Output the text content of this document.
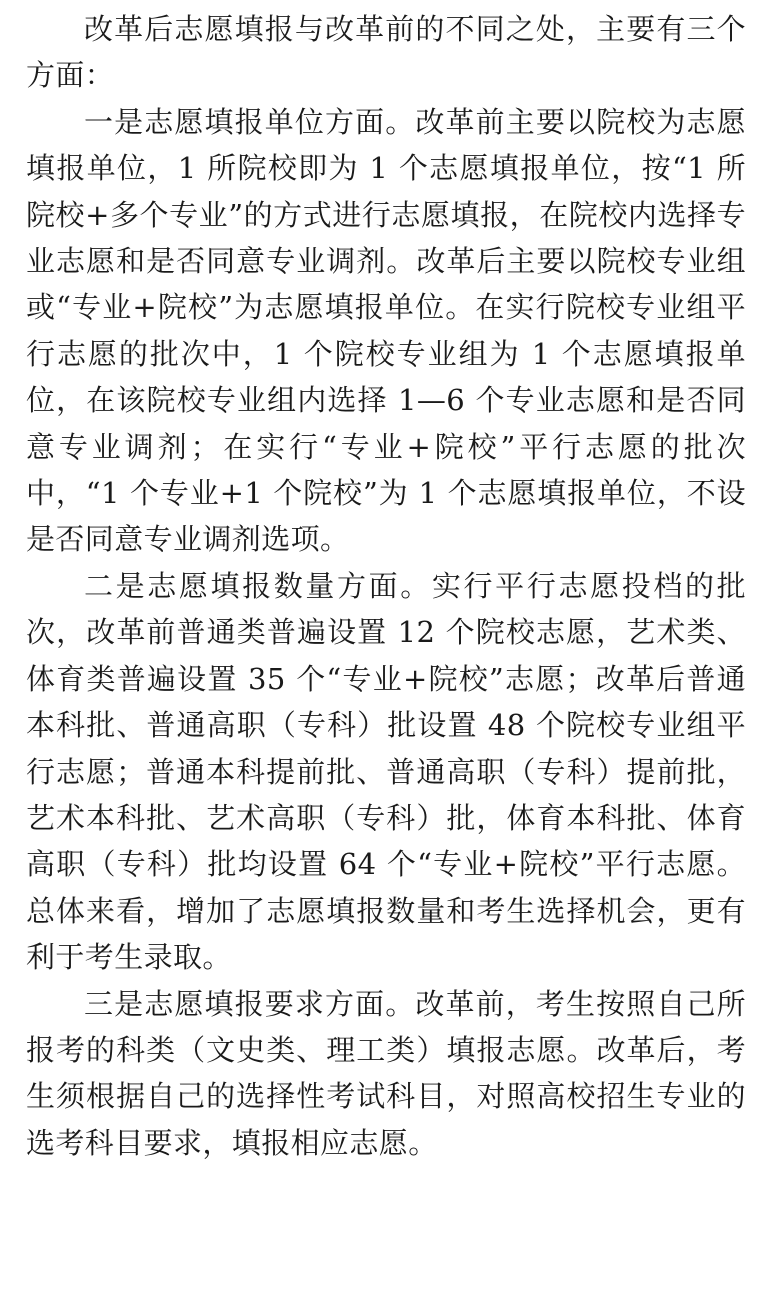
改革后志愿填报与改革前的不同之处，主要有三个方面：

一是志愿填报单位方面。改革前主要以院校为志愿填报单位，1 所院校即为 1 个志愿填报单位，按“1 所院校+多个专业”的方式进行志愿填报，在院校内选择专业志愿和是否同意专业调剂。改革后主要以院校专业组或“专业+院校”为志愿填报单位。在实行院校专业组平行志愿的批次中，1 个院校专业组为 1 个志愿填报单位，在该院校专业组内选择 1—6 个专业志愿和是否同意专业调剂；在实行“专业+院校”平行志愿的批次中，“1 个专业+1 个院校”为 1 个志愿填报单位，不设是否同意专业调剂选项。

二是志愿填报数量方面。实行平行志愿投档的批次，改革前普通类普遍设置 12 个院校志愿，艺术类、体育类普遍设置 35 个“专业+院校”志愿；改革后普通本科批、普通高职（专科）批设置 48 个院校专业组平行志愿；普通本科提前批、普通高职（专科）提前批，艺术本科批、艺术高职（专科）批，体育本科批、体育高职（专科）批均设置 64 个“专业+院校”平行志愿。总体来看，增加了志愿填报数量和考生选择机会，更有利于考生录取。

三是志愿填报要求方面。改革前，考生按照自己所报考的科类（文史类、理工类）填报志愿。改革后，考生须根据自己的选择性考试科目，对照高校招生专业的选考科目要求，填报相应志愿。
